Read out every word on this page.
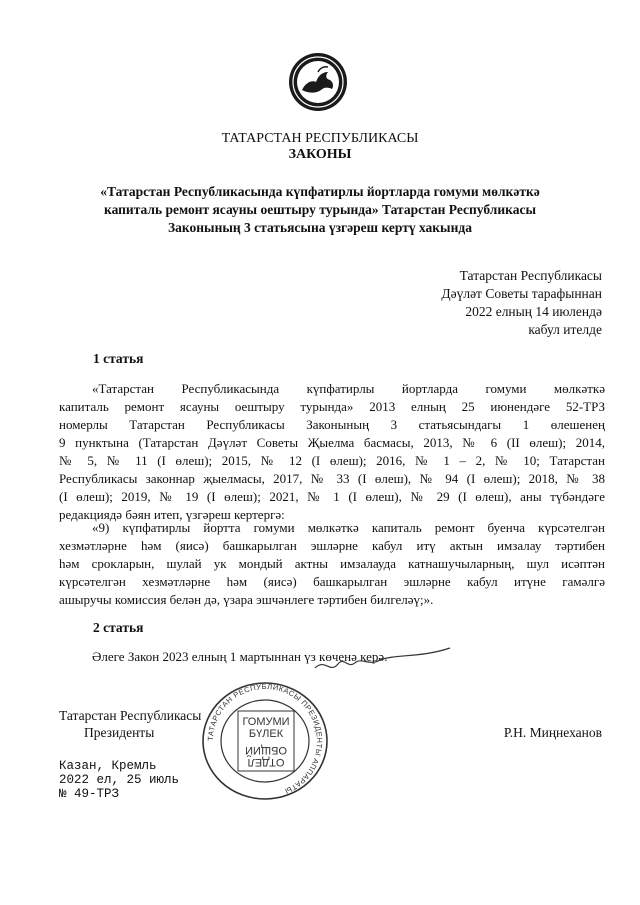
ТАТАРСТАН РЕСПУБЛИКАСЫ
ЗАКОНЫ
«Татарстан Республикасында күпфатирлы йортларда гомуми мөлкәткә
капиталь ремонт ясауны оештыру турында» Татарстан Республикасы
Законының 3 статьясына үзгәреш кертү хакында
Татарстан Республикасы
Дәүләт Советы тарафыннан
2022 елның 14 июлендә
кабул ителде
1 статья
«Татарстан Республикасында күпфатирлы йортларда гомуми мөлкәткә
капиталь ремонт ясауны оештыру турында» 2013 елның 25 июнендәге 52-ТРЗ
номерлы Татарстан Республикасы Законының 3 статьясындагы 1 өлешенең
9 пунктына (Татарстан Дәүләт Советы Җыелма басмасы, 2013, № 6 (II өлеш); 2014,
№ 5, № 11 (I өлеш); 2015, № 12 (I өлеш); 2016, № 1 – 2, № 10; Татарстан
Республикасы законнар җыелмасы, 2017, № 33 (I өлеш), № 94 (I өлеш); 2018, № 38
(I өлеш); 2019, № 19 (I өлеш); 2021, № 1 (I өлеш), № 29 (I өлеш), аны түбәндәге
редакциядә бәян итеп, үзгәреш кертергә:
«9) күпфатирлы йортта гомуми мөлкәткә капиталь ремонт буенча күрсәтелгән
хезмәтләрне һәм (яисә) башкарылган эшләрне кабул итү актын имзалау тәртибен
һәм срокларын, шулай ук мондый актны имзалауда катнашучыларның, шул исәптән
күрсәтелгән хезмәтләрне һәм (яисә) башкарылган эшләрне кабул итүне гамәлгә
ашыручы комиссия белән дә, үзара эшчәнлеге тәртибен билгеләү;».
2 статья
Әлеге Закон 2023 елның 1 мартыннан үз көченә керә.
Татарстан Республикасы
Президенты	Р.Н. Миңнеханов
ТАТАРСТАН РЕСПУБЛИКАСЫ ПРЕЗИДЕНТЫ АППАРАТЫ
ГОМУМИ
БҮЛЕК
ОТДЕЛ
ОБЩИЙ
Казан, Кремль
2022 ел, 25 июль
№ 49-ТРЗ
